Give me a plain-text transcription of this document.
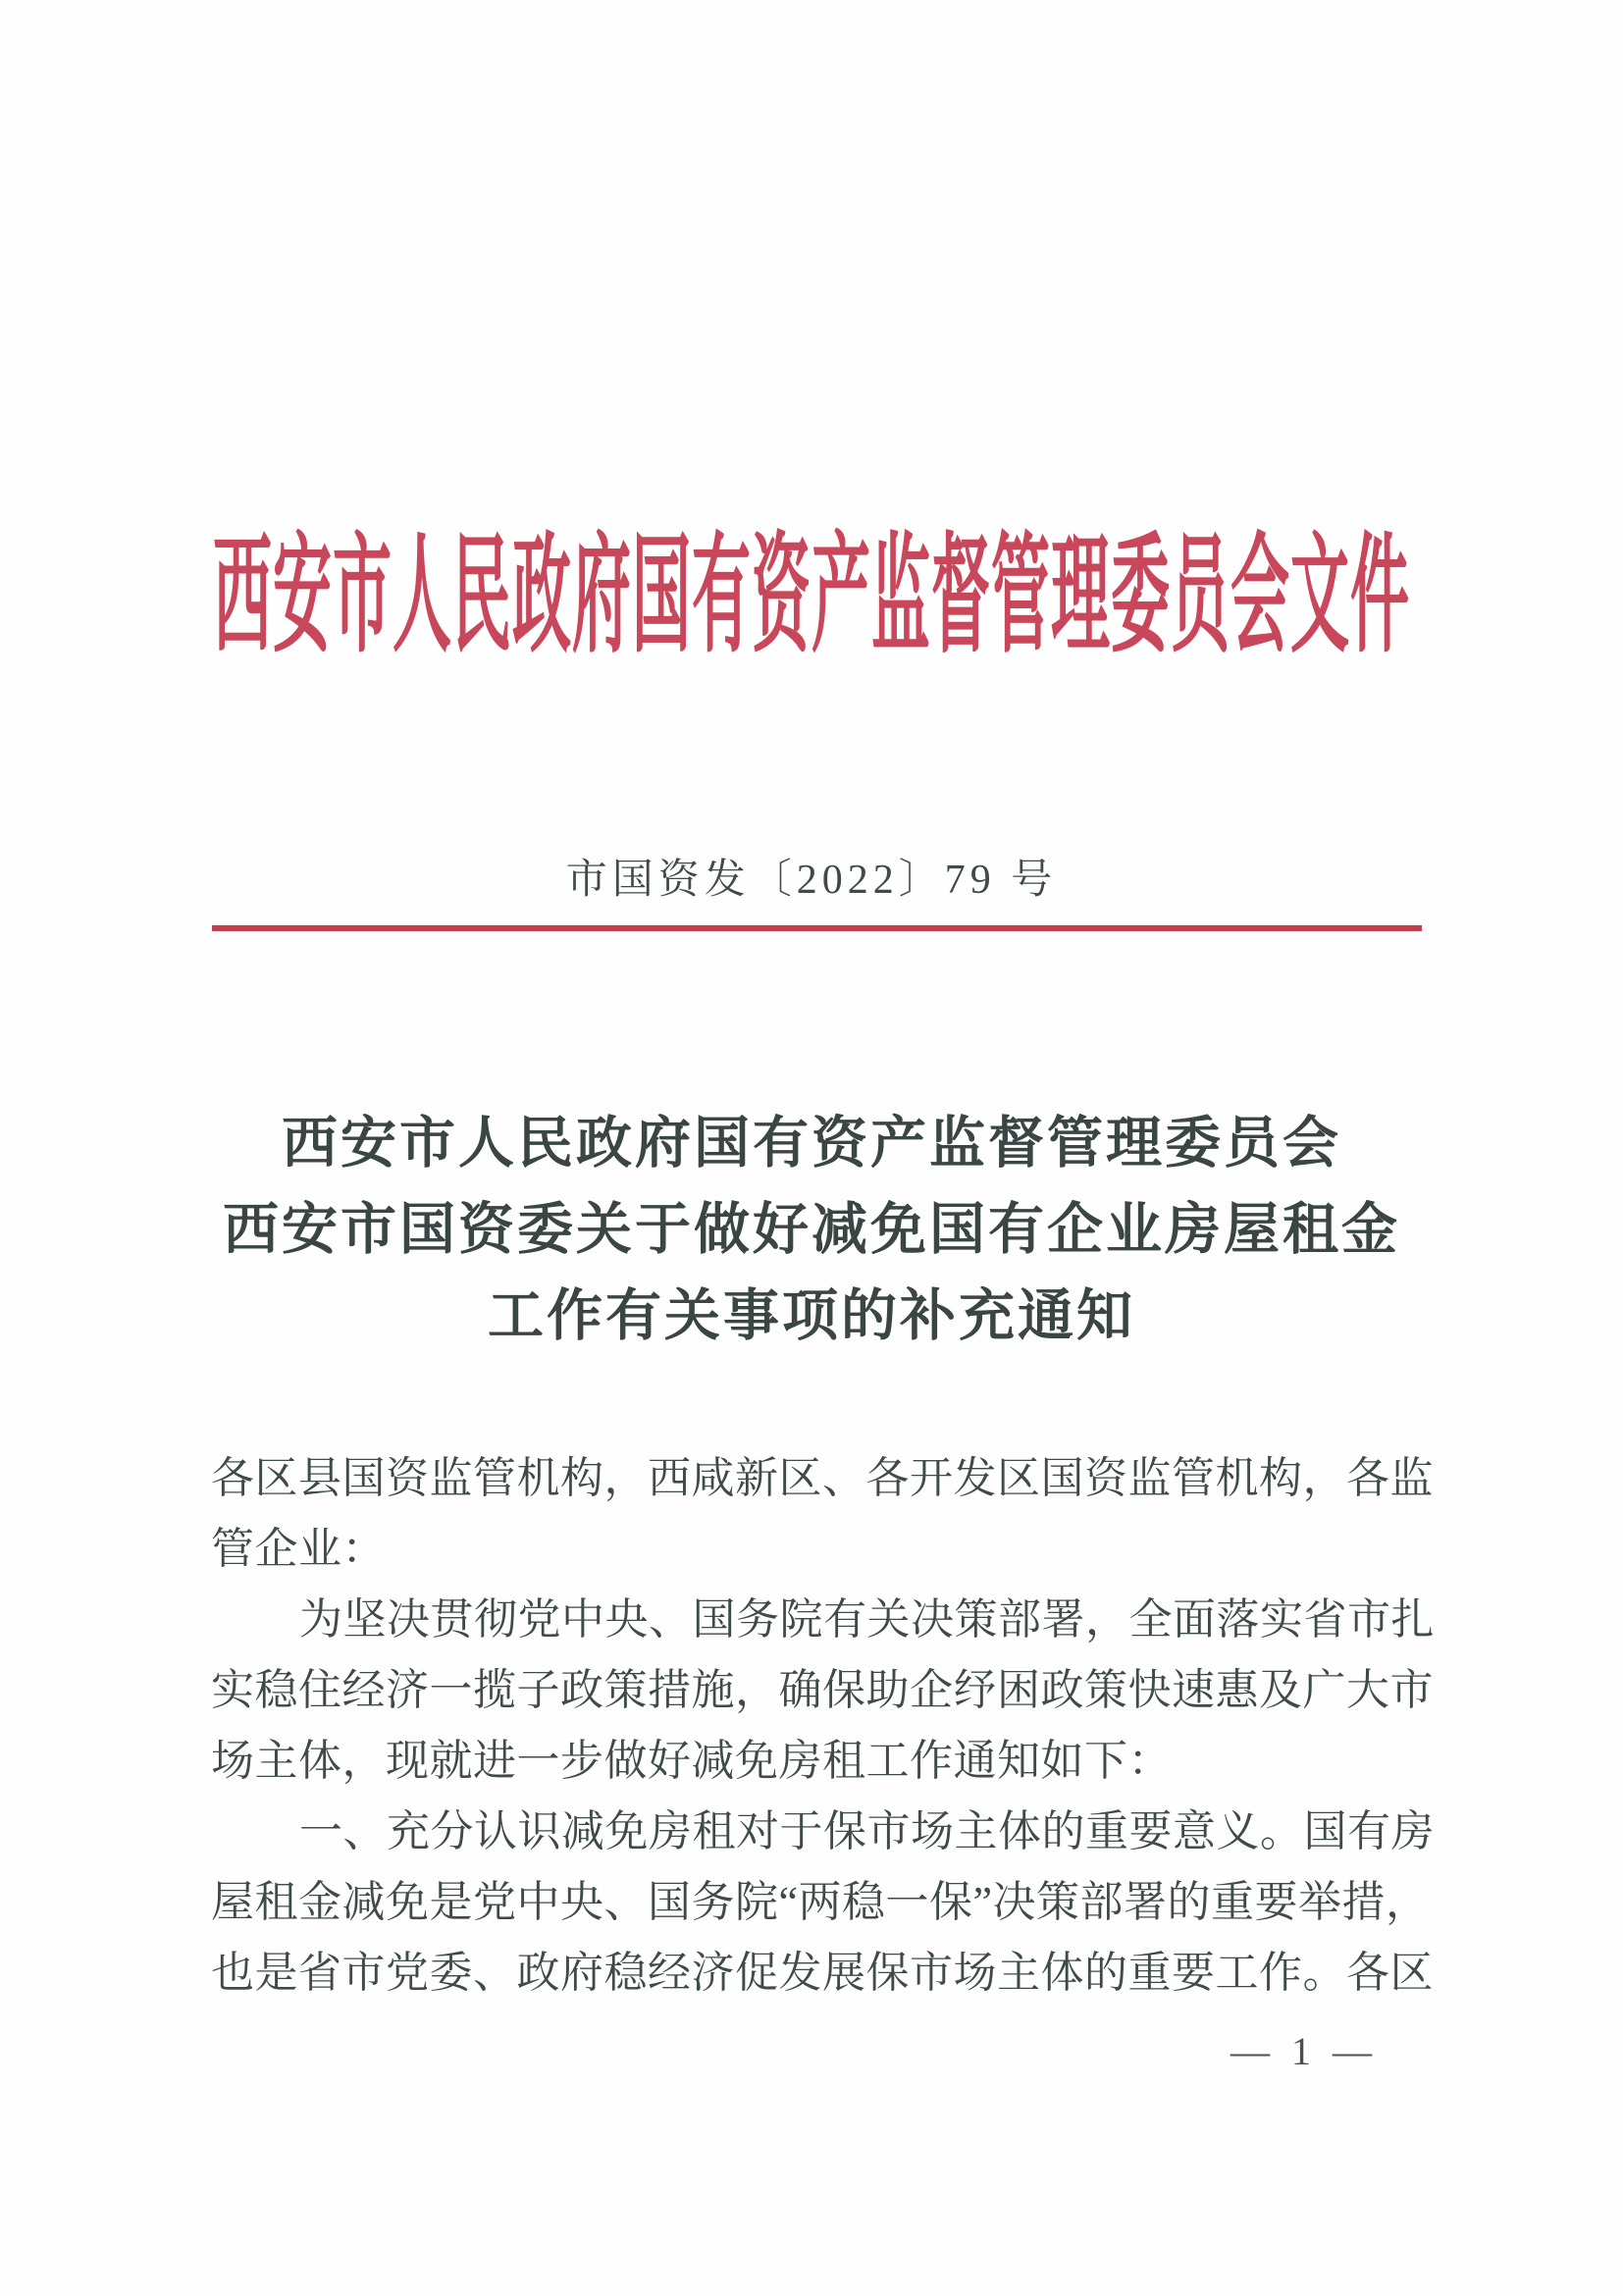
西安市人民政府国有资产监督管理委员会文件
市国资发〔2022〕79 号
西安市人民政府国有资产监督管理委员会
西安市国资委关于做好减免国有企业房屋租金
工作有关事项的补充通知
各区县国资监管机构，西咸新区、各开发区国资监管机构，各监
管企业：
为坚决贯彻党中央、国务院有关决策部署，全面落实省市扎
实稳住经济一揽子政策措施，确保助企纾困政策快速惠及广大市
场主体，现就进一步做好减免房租工作通知如下：
一、充分认识减免房租对于保市场主体的重要意义。国有房
屋租金减免是党中央、国务院“两稳一保”决策部署的重要举措，
也是省市党委、政府稳经济促发展保市场主体的重要工作。各区
— 1 —
